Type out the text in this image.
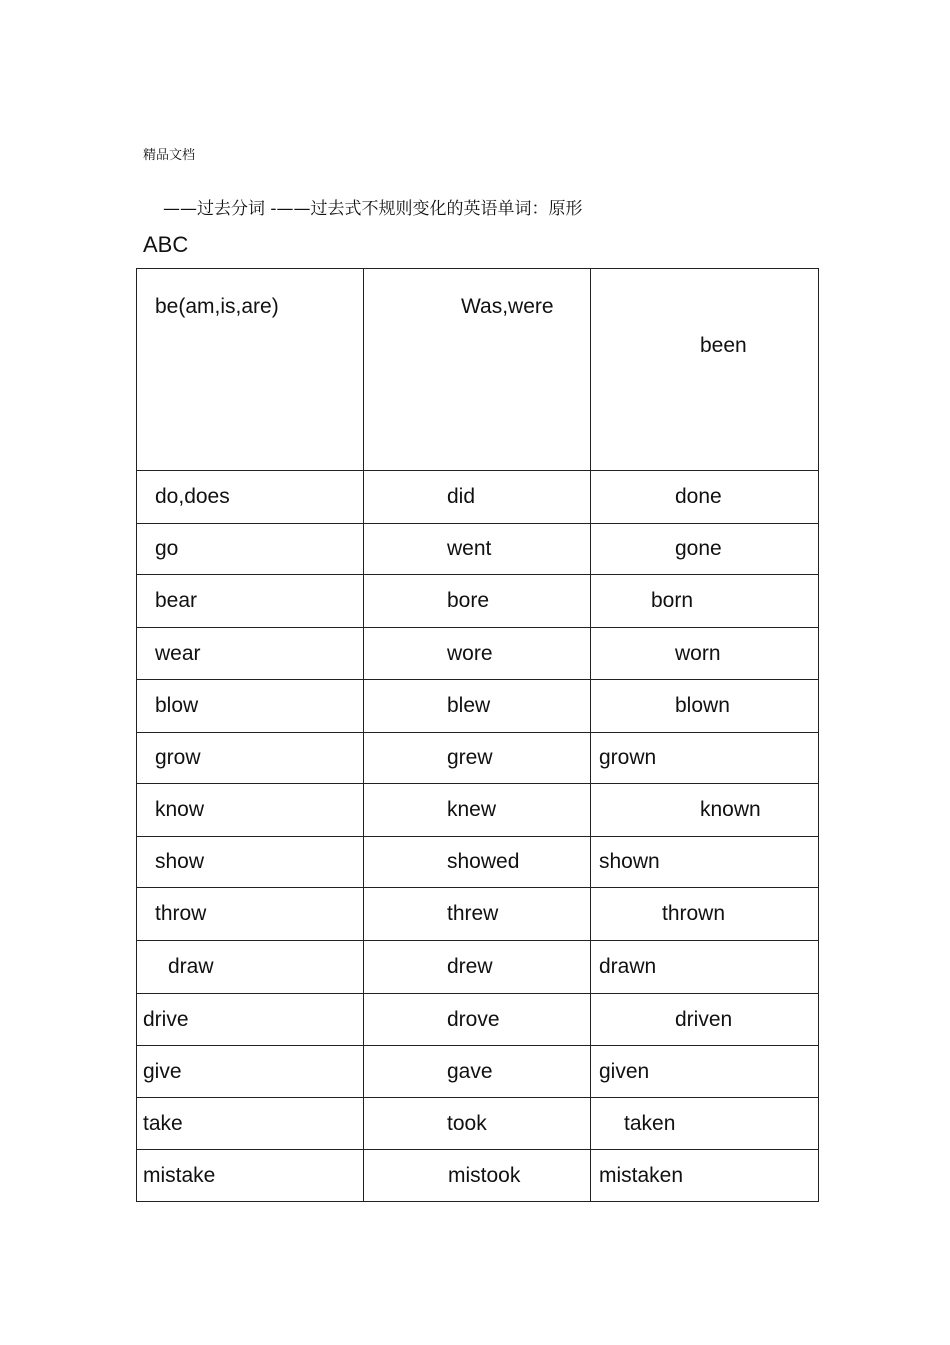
精品文档
——过去分词 -——过去式不规则变化的英语单词：原形
ABC
be(am,is,are)	Was,were	been

do,does	did	done

go	went	gone

bear	bore	born

wear	wore	worn

blow	blew	blown

grow	grew	grown

know	knew	known

show	showed	shown

throw	threw	thrown

draw	drew	drawn

drive	drove	driven

give	gave	given

take	took	taken

mistake	mistook	mistaken
